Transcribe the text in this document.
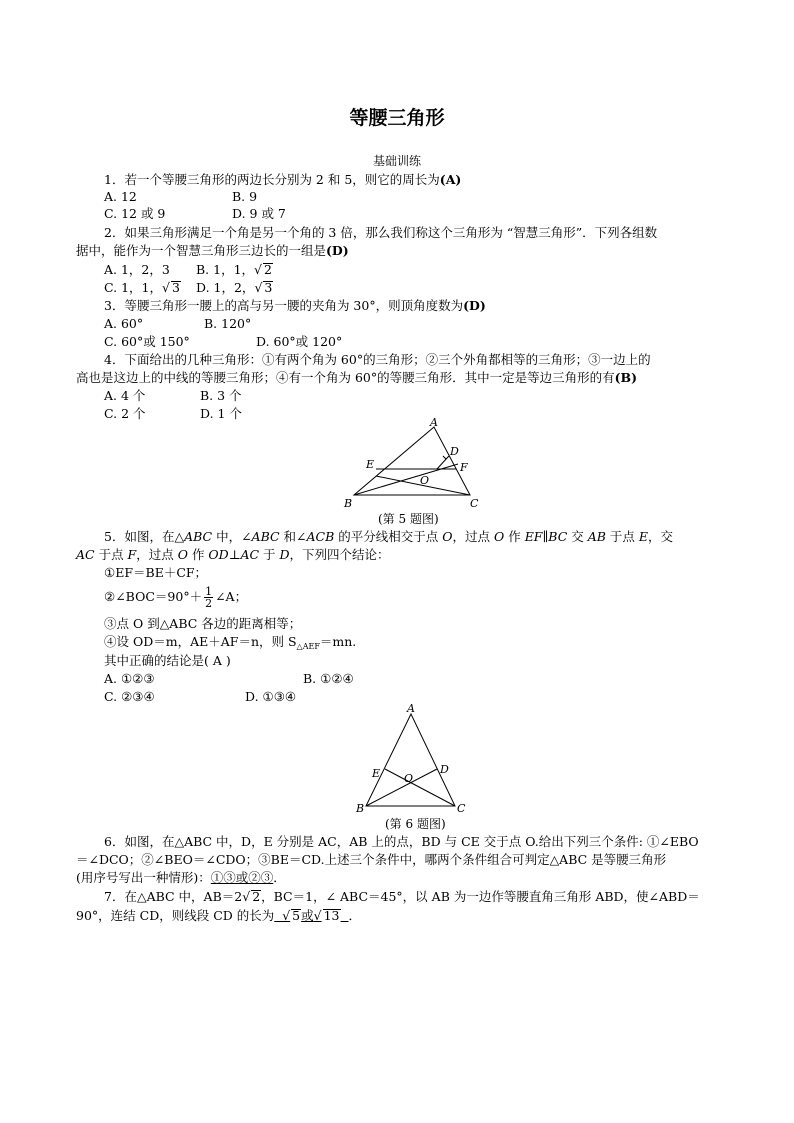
等腰三角形
基础训练
1．若一个等腰三角形的两边长分别为 2 和 5，则它的周长为(A)
A. 12	B. 9
C. 12 或 9	D. 9 或 7
2．如果三角形满足一个角是另一个角的 3 倍，那么我们称这个三角形为 “智慧三角形”．下列各组数
据中，能作为一个智慧三角形三边长的一组是(D)
A. 1，2，3 B. 1，1，√ 2
C. 1，1，√ 3 D. 1，2，√ 3
3．等腰三角形一腰上的高与另一腰的夹角为 30°，则顶角度数为(D)
A. 60°	B. 120°
C. 60°或 150°	D. 60°或 120°
4．下面给出的几种三角形：①有两个角为 60°的三角形；②三个外角都相等的三角形；③一边上的
高也是这边上的中线的等腰三角形；④有一个角为 60°的等腰三角形．其中一定是等边三角形的有(B)
A. 4 个	B. 3 个
C. 2 个	D. 1 个
A
B	C
D
E	F
O
(第 5 题图)
5．如图，在△ABC 中，∠ABC 和∠ACB 的平分线相交于点 O，过点 O 作 EF∥BC 交 AB 于点 E，交
AC 于点 F，过点 O 作 OD⊥AC 于 D，下列四个结论：
①EF＝BE＋CF；
②∠BOC＝90°＋ $\frac{1}{2}$ ∠A；
③点 O 到△ABC 各边的距离相等；
④设 OD＝m，AE＋AF＝n，则 $S_{\triangle AEF}=mn$.
其中正确的结论是( A )
A. ①②③	B. ①②④
C. ②③④	D. ①③④
A
B	C
D
E O
(第 6 题图)
6．如图，在△ABC 中，D，E 分别是 AC，AB 上的点，BD 与 CE 交于点 O.给出下列三个条件: ①∠EBO
＝∠DCO；②∠BEO＝∠CDO；③BE＝CD.上述三个条件中，哪两个条件组合可判定△ABC 是等腰三角形
(用序号写出一种情形)：①③或②③．
7．在△ABC 中，AB＝2√ 2，BC＝1，∠ ABC＝45°，以 AB 为一边作等腰直角三角形 ABD，使∠ABD＝
90°，连结 CD，则线段 CD 的长为  √ 5或√ 13 ．
